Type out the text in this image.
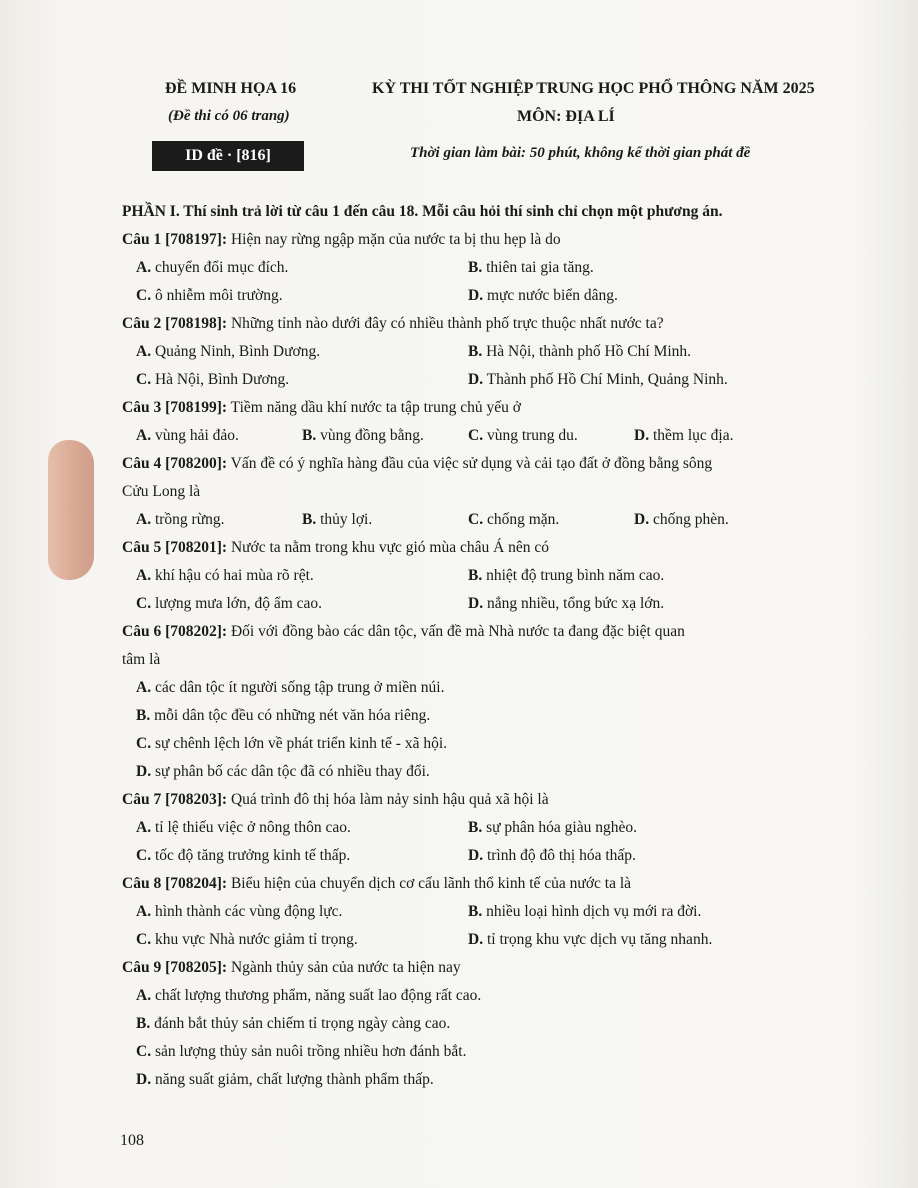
ĐỀ MINH HỌA 16	KỲ THI TỐT NGHIỆP TRUNG HỌC PHỔ THÔNG NĂM 2025
(Đề thi có 06 trang)	MÔN: ĐỊA LÍ
ID đề · [816]	Thời gian làm bài: 50 phút, không kể thời gian phát đề
PHẦN I. Thí sinh trả lời từ câu 1 đến câu 18. Mỗi câu hỏi thí sinh chỉ chọn một phương án.
Câu 1 [708197]: Hiện nay rừng ngập mặn của nước ta bị thu hẹp là do
A. chuyển đổi mục đích.	B. thiên tai gia tăng.
C. ô nhiễm môi trường.	D. mực nước biển dâng.
Câu 2 [708198]: Những tỉnh nào dưới đây có nhiều thành phố trực thuộc nhất nước ta?
A. Quảng Ninh, Bình Dương.	B. Hà Nội, thành phố Hồ Chí Minh.
C. Hà Nội, Bình Dương.	D. Thành phố Hồ Chí Minh, Quảng Ninh.
Câu 3 [708199]: Tiềm năng dầu khí nước ta tập trung chủ yếu ở
A. vùng hải đảo.	B. vùng đồng bằng.	C. vùng trung du.	D. thềm lục địa.
Câu 4 [708200]: Vấn đề có ý nghĩa hàng đầu của việc sử dụng và cải tạo đất ở đồng bằng sông
Cửu Long là
A. trồng rừng.	B. thủy lợi.	C. chống mặn.	D. chống phèn.
Câu 5 [708201]: Nước ta nằm trong khu vực gió mùa châu Á nên có
A. khí hậu có hai mùa rõ rệt.	B. nhiệt độ trung bình năm cao.
C. lượng mưa lớn, độ ẩm cao.	D. nắng nhiều, tổng bức xạ lớn.
Câu 6 [708202]: Đối với đồng bào các dân tộc, vấn đề mà Nhà nước ta đang đặc biệt quan
tâm là
A. các dân tộc ít người sống tập trung ở miền núi.
B. mỗi dân tộc đều có những nét văn hóa riêng.
C. sự chênh lệch lớn về phát triển kinh tế - xã hội.
D. sự phân bố các dân tộc đã có nhiều thay đổi.
Câu 7 [708203]: Quá trình đô thị hóa làm nảy sinh hậu quả xã hội là
A. tỉ lệ thiếu việc ở nông thôn cao.	B. sự phân hóa giàu nghèo.
C. tốc độ tăng trưởng kinh tế thấp.	D. trình độ đô thị hóa thấp.
Câu 8 [708204]: Biểu hiện của chuyển dịch cơ cấu lãnh thổ kinh tế của nước ta là
A. hình thành các vùng động lực.	B. nhiều loại hình dịch vụ mới ra đời.
C. khu vực Nhà nước giảm tỉ trọng.	D. tỉ trọng khu vực dịch vụ tăng nhanh.
Câu 9 [708205]: Ngành thủy sản của nước ta hiện nay
A. chất lượng thương phẩm, năng suất lao động rất cao.
B. đánh bắt thủy sản chiếm tỉ trọng ngày càng cao.
C. sản lượng thủy sản nuôi trồng nhiều hơn đánh bắt.
D. năng suất giảm, chất lượng thành phẩm thấp.
108
